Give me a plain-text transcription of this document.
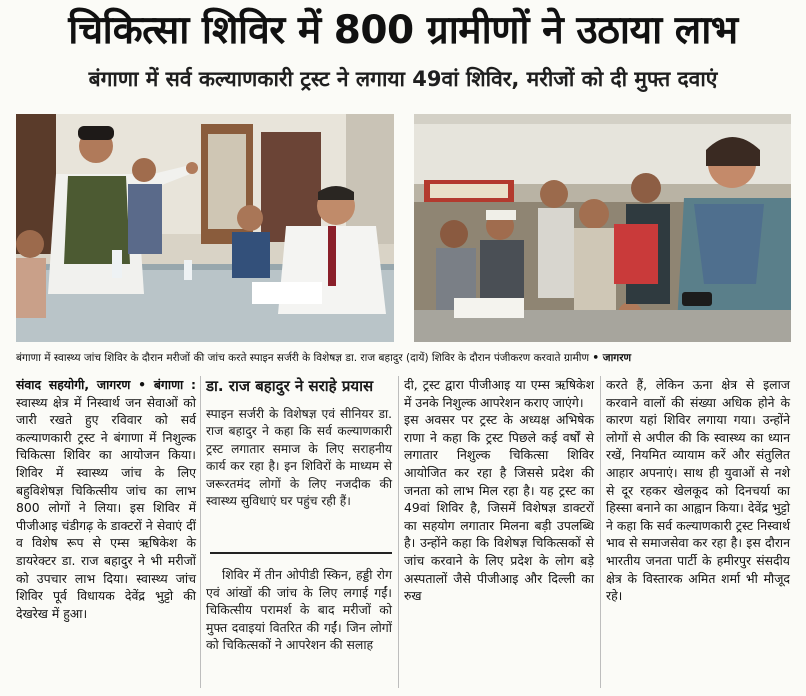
चिकित्सा शिविर में 800 ग्रामीणों ने उठाया लाभ
बंगाणा में सर्व कल्याणकारी ट्रस्ट ने लगाया 49वां शिविर, मरीजों को दी मुफ्त दवाएं
बंगाणा में स्वास्थ्य जांच शिविर के दौरान मरीजों की जांच करते स्पाइन सर्जरी के विशेषज्ञ डा. राज बहादुर (दायें) शिविर के दौरान पंजीकरण करवाते ग्रामीण • जागरण

संवाद सहयोगी, जागरण • बंगाणा : स्वास्थ्य क्षेत्र में निस्वार्थ जन सेवाओं को जारी रखते हुए रविवार को सर्व कल्याणकारी ट्रस्ट ने बंगाणा में निशुल्क चिकित्सा शिविर का आयोजन किया। शिविर में स्वास्थ्य जांच के लिए बहुविशेषज्ञ चिकित्सीय जांच का लाभ 800 लोगों ने लिया। इस शिविर में पीजीआइ चंडीगढ़ के डाक्टरों ने सेवाएं दीं व विशेष रूप से एम्स ऋषिकेश के डायरेक्टर डा. राज बहादुर ने भी मरीजों को उपचार लाभ दिया। स्वास्थ्य जांच शिविर पूर्व विधायक देवेंद्र भुट्टो की देखरेख में हुआ।

डा. राज बहादुर ने सराहे प्रयास
स्पाइन सर्जरी के विशेषज्ञ एवं सीनियर डा. राज बहादुर ने कहा कि सर्व कल्याणकारी ट्रस्ट लगातार समाज के लिए सराहनीय कार्य कर रहा है। इन शिविरों के माध्यम से जरूरतमंद लोगों के लिए नजदीक की स्वास्थ्य सुविधाएं घर पहुंच रही हैं।

शिविर में तीन ओपीडी स्किन, हड्डी रोग एवं आंखों की जांच के लिए लगाई गईं। चिकित्सीय परामर्श के बाद मरीजों को मुफ्त दवाइयां वितरित की गईं। जिन लोगों को चिकित्सकों ने आपरेशन की सलाह

दी, ट्रस्ट द्वारा पीजीआइ या एम्स ऋषिकेश में उनके निशुल्क आपरेशन कराए जाएंगे।

इस अवसर पर ट्रस्ट के अध्यक्ष अभिषेक राणा ने कहा कि ट्रस्ट पिछले कई वर्षों से लगातार निशुल्क चिकित्सा शिविर आयोजित कर रहा है जिससे प्रदेश की जनता को लाभ मिल रहा है। यह ट्रस्ट का 49वां शिविर है, जिसमें विशेषज्ञ डाक्टरों का सहयोग लगातार मिलना बड़ी उपलब्धि है। उन्होंने कहा कि विशेषज्ञ चिकित्सकों से जांच करवाने के लिए प्रदेश के लोग बड़े अस्पतालों जैसे पीजीआइ और दिल्ली का रुख

करते हैं, लेकिन ऊना क्षेत्र से इलाज करवाने वालों की संख्या अधिक होने के कारण यहां शिविर लगाया गया। उन्होंने लोगों से अपील की कि स्वास्थ्य का ध्यान रखें, नियमित व्यायाम करें और संतुलित आहार अपनाएं। साथ ही युवाओं से नशे से दूर रहकर खेलकूद को दिनचर्या का हिस्सा बनाने का आह्वान किया। देवेंद्र भुट्टो ने कहा कि सर्व कल्याणकारी ट्रस्ट निस्वार्थ भाव से समाजसेवा कर रहा है। इस दौरान भारतीय जनता पार्टी के हमीरपुर संसदीय क्षेत्र के विस्तारक अमित शर्मा भी मौजूद रहे।
